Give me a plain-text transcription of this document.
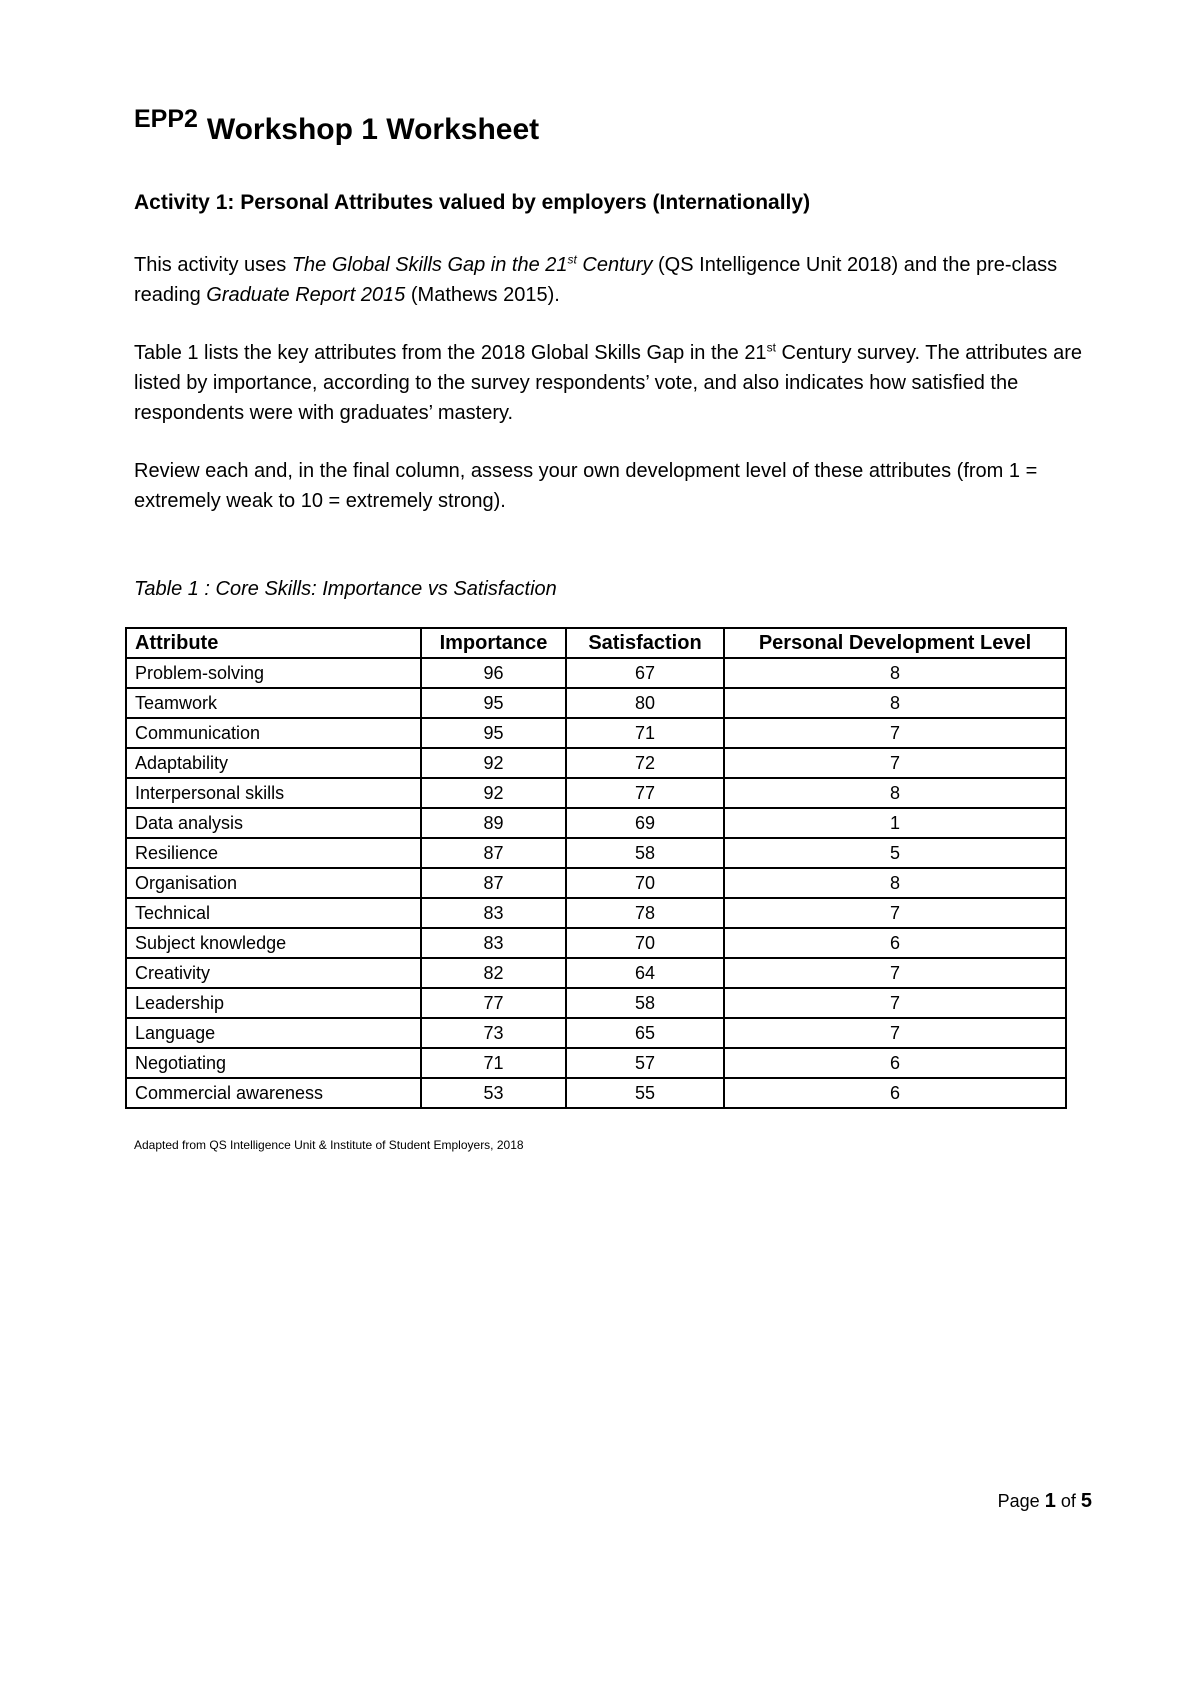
$^{EPP2}$ Workshop 1 Worksheet
Activity 1: Personal Attributes valued by employers (Internationally)

This activity uses The Global Skills Gap in the 21st Century (QS Intelligence Unit 2018) and the pre-class reading Graduate Report 2015 (Mathews 2015).

Table 1 lists the key attributes from the 2018 Global Skills Gap in the 21st Century survey. The attributes are listed by importance, according to the survey respondents’ vote, and also indicates how satisfied the respondents were with graduates’ mastery.

Review each and, in the final column, assess your own development level of these attributes (from 1 = extremely weak to 10 = extremely strong).

Table 1 : Core Skills: Importance vs Satisfaction

Attribute	Importance	Satisfaction	Personal Development Level
Problem-solving	96	67	8
Teamwork	95	80	8
Communication	95	71	7
Adaptability	92	72	7
Interpersonal skills	92	77	8
Data analysis	89	69	1
Resilience	87	58	5
Organisation	87	70	8
Technical	83	78	7
Subject knowledge	83	70	6
Creativity	82	64	7
Leadership	77	58	7
Language	73	65	7
Negotiating	71	57	6
Commercial awareness	53	55	6

Adapted from QS Intelligence Unit & Institute of Student Employers, 2018

Page 1 of 5
